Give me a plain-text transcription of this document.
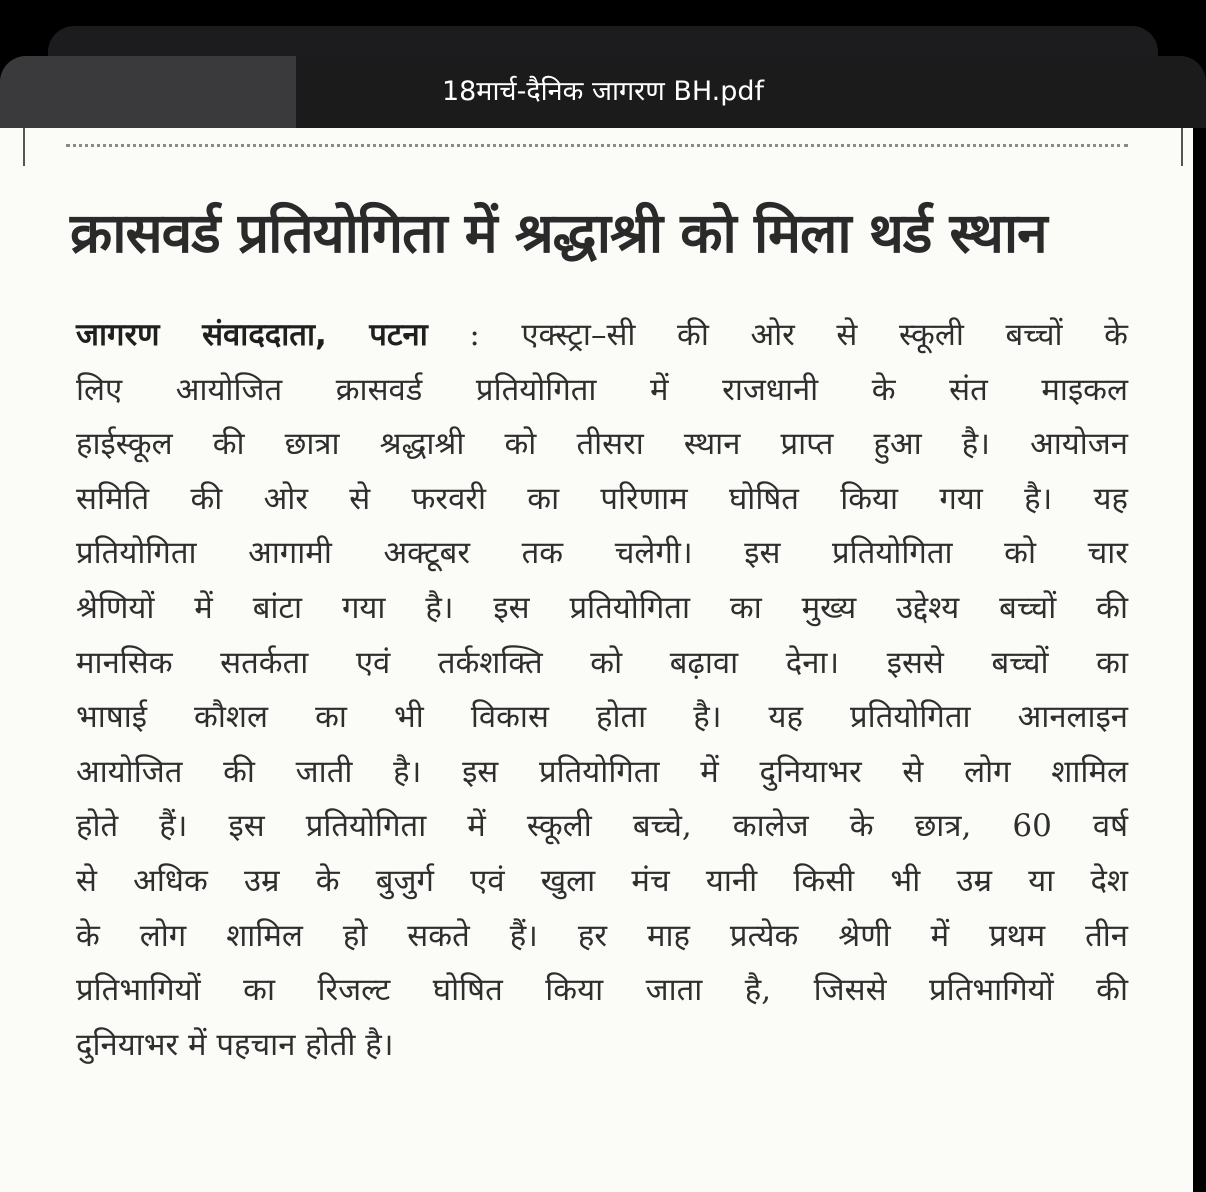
18मार्च-दैनिक जागरण BH.pdf
क्रासवर्ड प्रतियोगिता में श्रद्धाश्री को मिला थर्ड स्थान
जागरण संवाददाता, पटना : एक्स्ट्रा–सी की ओर से स्कूली बच्चों के
लिए आयोजित क्रासवर्ड प्रतियोगिता में राजधानी के संत माइकल
हाईस्कूल की छात्रा श्रद्धाश्री को तीसरा स्थान प्राप्त हुआ है। आयोजन
समिति की ओर से फरवरी का परिणाम घोषित किया गया है। यह
प्रतियोगिता आगामी अक्टूबर तक चलेगी। इस प्रतियोगिता को चार
श्रेणियों में बांटा गया है। इस प्रतियोगिता का मुख्य उद्देश्य बच्चों की
मानसिक सतर्कता एवं तर्कशक्ति को बढ़ावा देना। इससे बच्चों का
भाषाई कौशल का भी विकास होता है। यह प्रतियोगिता आनलाइन
आयोजित की जाती है। इस प्रतियोगिता में दुनियाभर से लोग शामिल
होते हैं। इस प्रतियोगिता में स्कूली बच्चे, कालेज के छात्र, 60 वर्ष
से अधिक उम्र के बुजुर्ग एवं खुला मंच यानी किसी भी उम्र या देश
के लोग शामिल हो सकते हैं। हर माह प्रत्येक श्रेणी में प्रथम तीन
प्रतिभागियों का रिजल्ट घोषित किया जाता है, जिससे प्रतिभागियों की
दुनियाभर में पहचान होती है।
